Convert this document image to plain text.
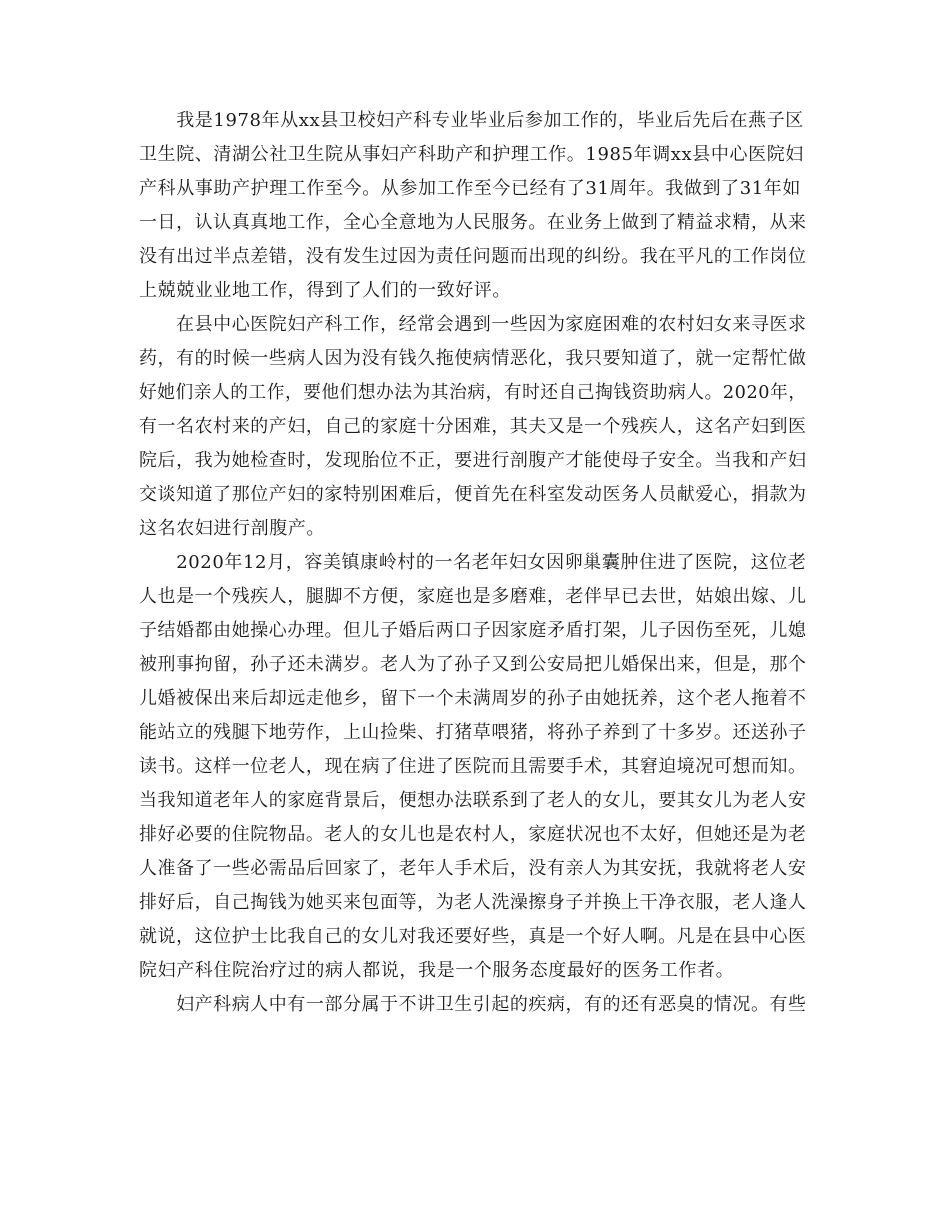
　　我是1978年从xx县卫校妇产科专业毕业后参加工作的，毕业后先后在燕子区
卫生院、清湖公社卫生院从事妇产科助产和护理工作。1985年调xx县中心医院妇
产科从事助产护理工作至今。从参加工作至今已经有了31周年。我做到了31年如
一日，认认真真地工作，全心全意地为人民服务。在业务上做到了精益求精，从来
没有出过半点差错，没有发生过因为责任问题而出现的纠纷。我在平凡的工作岗位
上兢兢业业地工作，得到了人们的一致好评。
　　在县中心医院妇产科工作，经常会遇到一些因为家庭困难的农村妇女来寻医求
药，有的时候一些病人因为没有钱久拖使病情恶化，我只要知道了，就一定帮忙做
好她们亲人的工作，要他们想办法为其治病，有时还自己掏钱资助病人。2020年，
有一名农村来的产妇，自己的家庭十分困难，其夫又是一个残疾人，这名产妇到医
院后，我为她检查时，发现胎位不正，要进行剖腹产才能使母子安全。当我和产妇
交谈知道了那位产妇的家特别困难后，便首先在科室发动医务人员献爱心，捐款为
这名农妇进行剖腹产。
　　2020年12月，容美镇康岭村的一名老年妇女因卵巢囊肿住进了医院，这位老
人也是一个残疾人，腿脚不方便，家庭也是多磨难，老伴早已去世，姑娘出嫁、儿
子结婚都由她操心办理。但儿子婚后两口子因家庭矛盾打架，儿子因伤至死，儿媳
被刑事拘留，孙子还未满岁。老人为了孙子又到公安局把儿婚保出来，但是，那个
儿婚被保出来后却远走他乡，留下一个未满周岁的孙子由她抚养，这个老人拖着不
能站立的残腿下地劳作，上山捡柴、打猪草喂猪，将孙子养到了十多岁。还送孙子
读书。这样一位老人，现在病了住进了医院而且需要手术，其窘迫境况可想而知。
当我知道老年人的家庭背景后，便想办法联系到了老人的女儿，要其女儿为老人安
排好必要的住院物品。老人的女儿也是农村人，家庭状况也不太好，但她还是为老
人准备了一些必需品后回家了，老年人手术后，没有亲人为其安抚，我就将老人安
排好后，自己掏钱为她买来包面等，为老人洗澡擦身子并换上干净衣服，老人逢人
就说，这位护士比我自己的女儿对我还要好些，真是一个好人啊。凡是在县中心医
院妇产科住院治疗过的病人都说，我是一个服务态度最好的医务工作者。
　　妇产科病人中有一部分属于不讲卫生引起的疾病，有的还有恶臭的情况。有些
